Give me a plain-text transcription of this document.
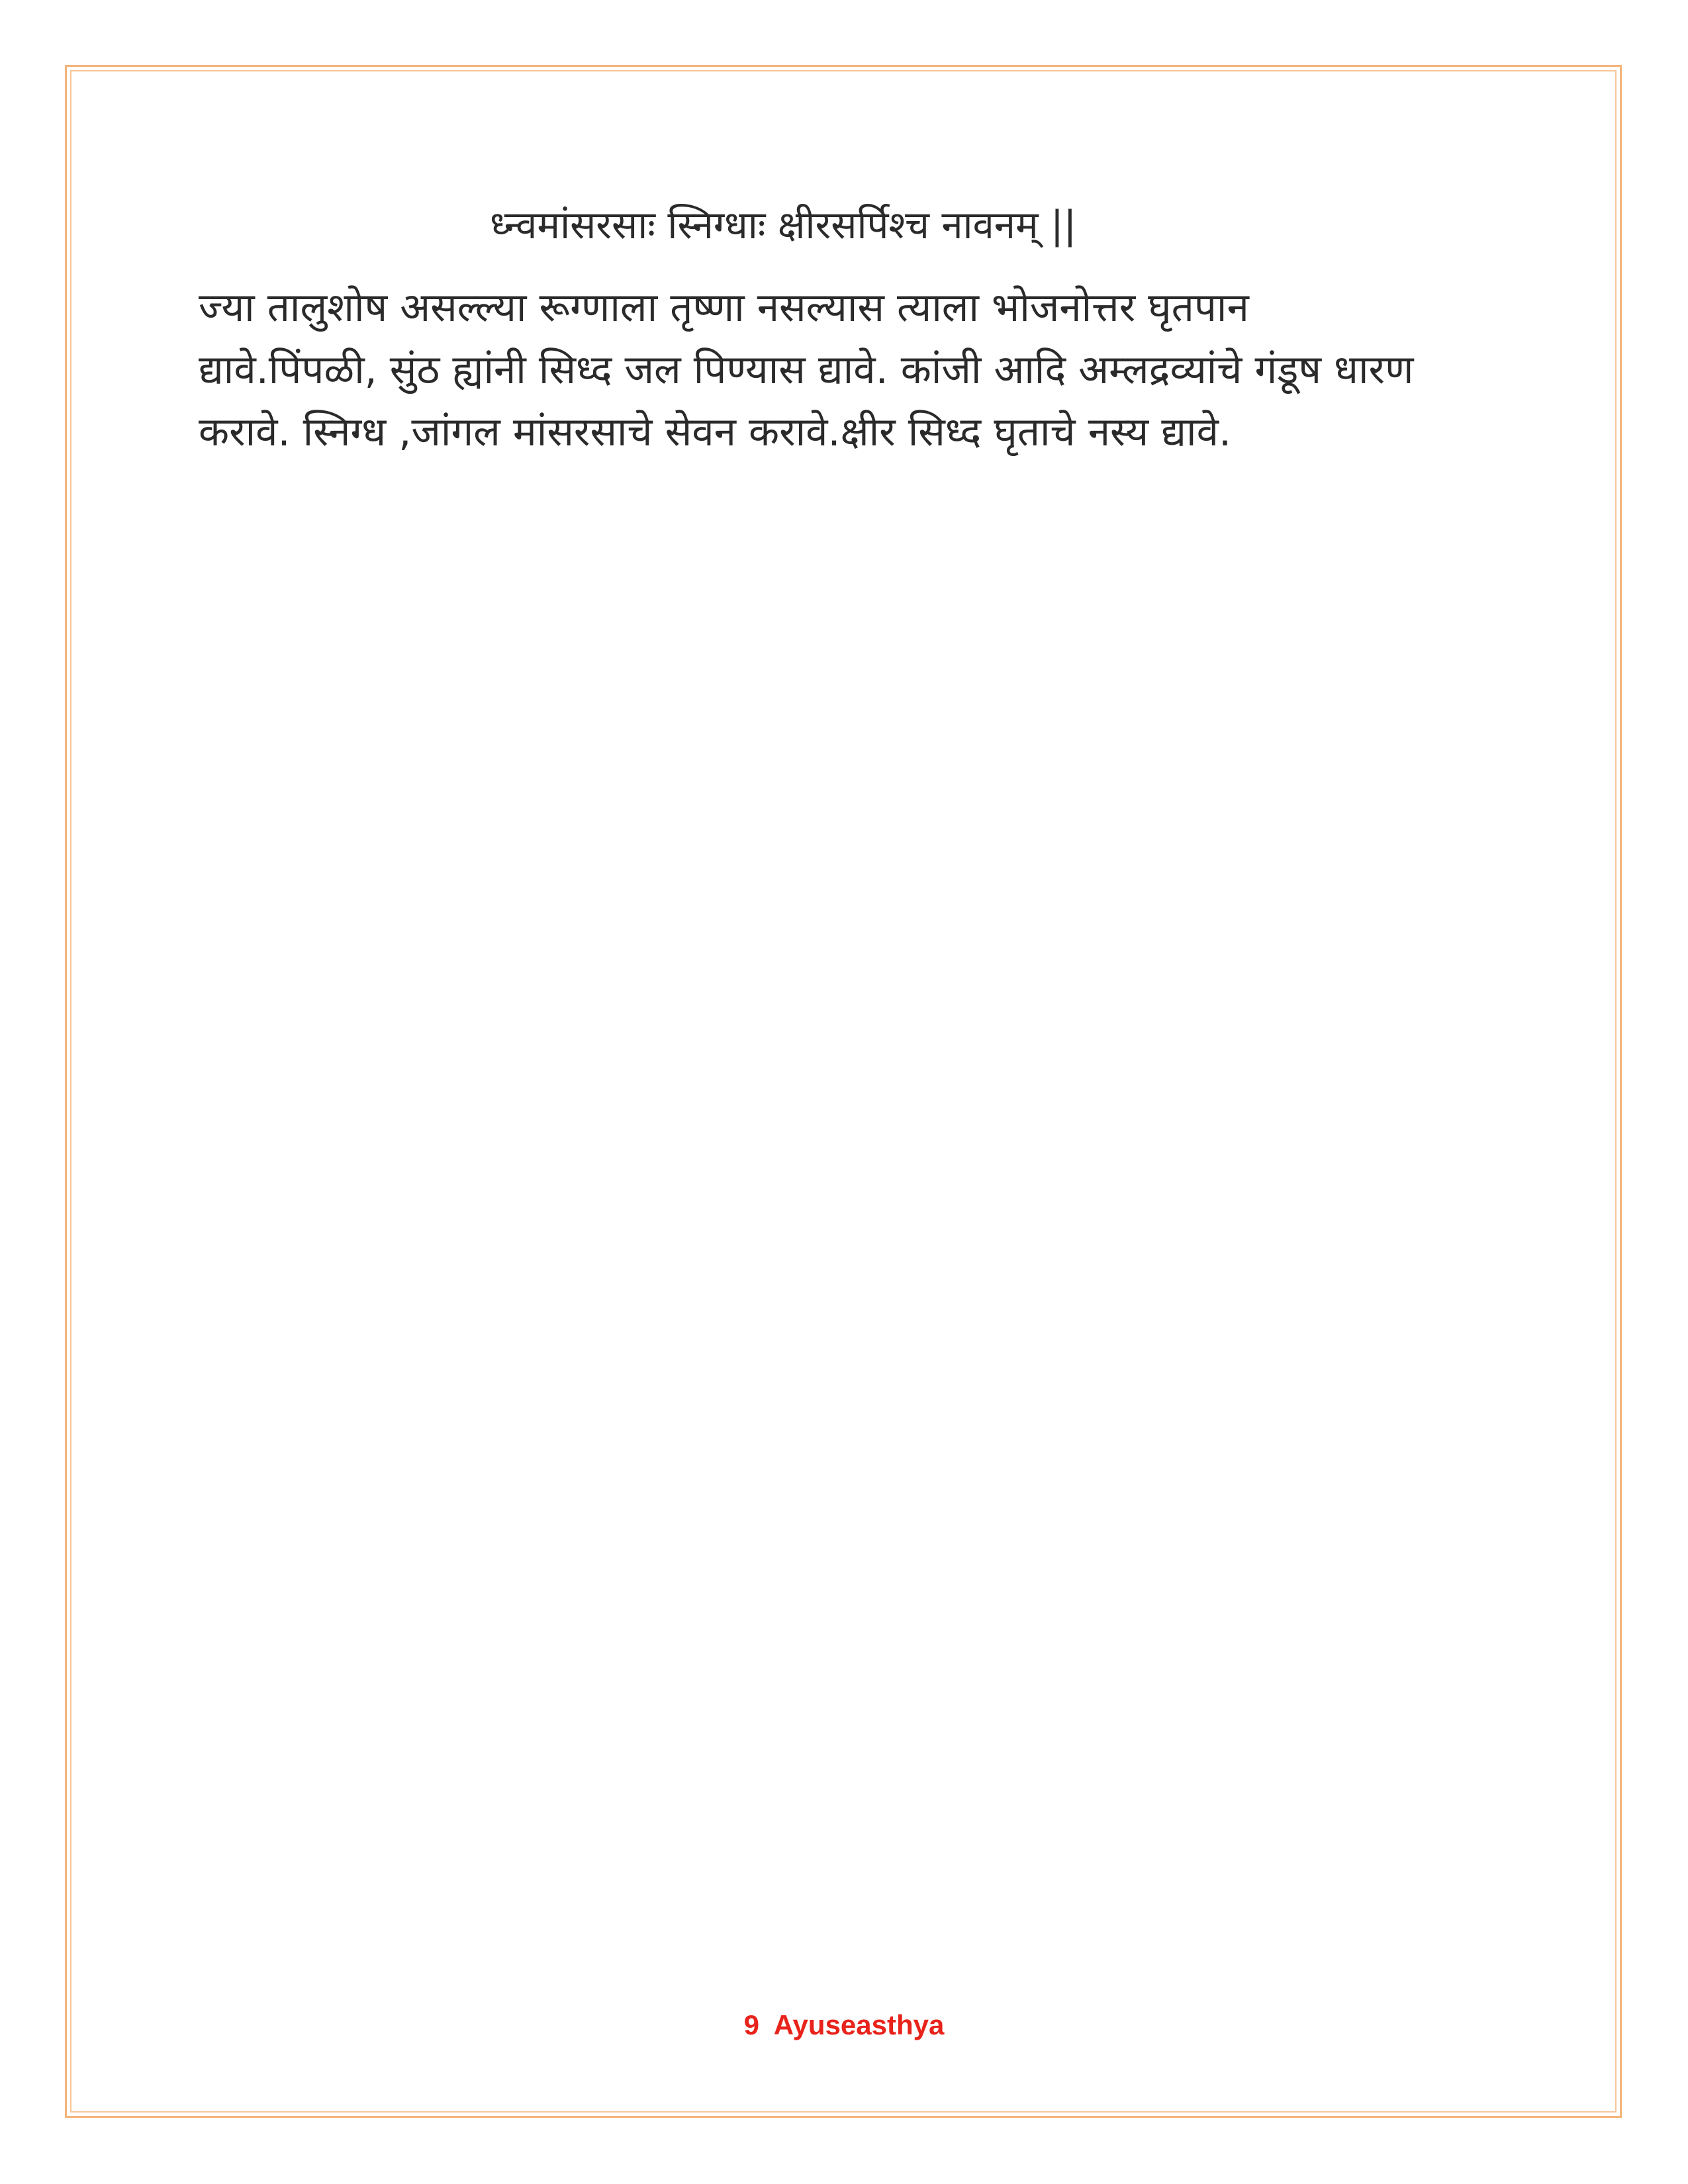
ध्न्वमांसरसाः स्निग्धाः क्षीरसर्पिश्च नावनम् ||
ज्या तालुशोष असल्ल्या रूग्णाला तृष्णा नसल्यास त्याला भोजनोत्तर घृतपान
द्यावे.पिंपळी, सुंठ ह्यांनी सिध्द जल पिण्यास द्यावे. कांजी आदि अम्लद्रव्यांचे गंडूष धारण
करावे. स्निग्ध ,जांगल मांसरसाचे सेवन करावे.क्षीर सिध्द घृताचे नस्य द्यावे.
9  Ayuseasthya
